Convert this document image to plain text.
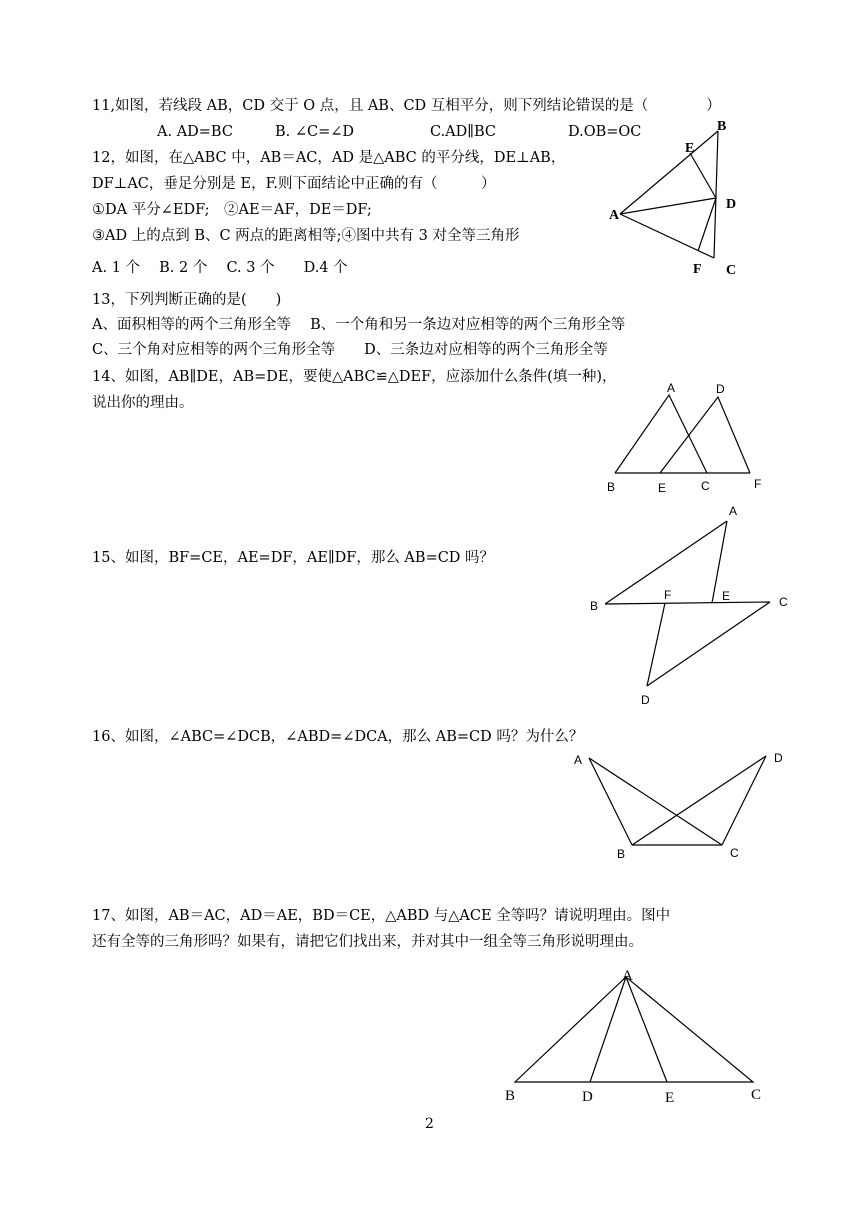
11,如图，若线段 AB，CD 交于 O 点，且 AB、CD 互相平分，则下列结论错误的是（　　　　）
A. AD=BC	B. ∠C=∠D	C.AD∥BC	D.OB=OC
12，如图，在△ABC 中，AB＝AC，AD 是△ABC 的平分线，DE⊥AB，
DF⊥AC，垂足分别是 E，F.则下面结论中正确的有（　　　）
①DA 平分∠EDF;　②AE＝AF，DE＝DF;
③AD 上的点到 B、C 两点的距离相等;④图中共有 3 对全等三角形
A. 1 个　 B. 2 个　 C. 3 个　　D.4 个
B
E
A
D
F C
13，下列判断正确的是(　　)
A、面积相等的两个三角形全等　 B、一个角和另一条边对应相等的两个三角形全等
C、三个角对应相等的两个三角形全等　　D、三条边对应相等的两个三角形全等
14、如图，AB∥DE，AB=DE，要使△ABC≌△DEF，应添加什么条件(填一种)，
说出你的理由。
A	D
B	E	C	F
15、如图，BF=CE，AE=DF，AE∥DF，那么 AB=CD 吗？
A
B
F	E	C
D
16、如图，∠ABC=∠DCB，∠ABD=∠DCA，那么 AB=CD 吗？为什么？
A	D
B	C
17、如图，AB＝AC，AD＝AE，BD＝CE，△ABD 与△ACE 全等吗？请说明理由。图中
还有全等的三角形吗？如果有，请把它们找出来，并对其中一组全等三角形说明理由。
A
B	D	E	C
2
